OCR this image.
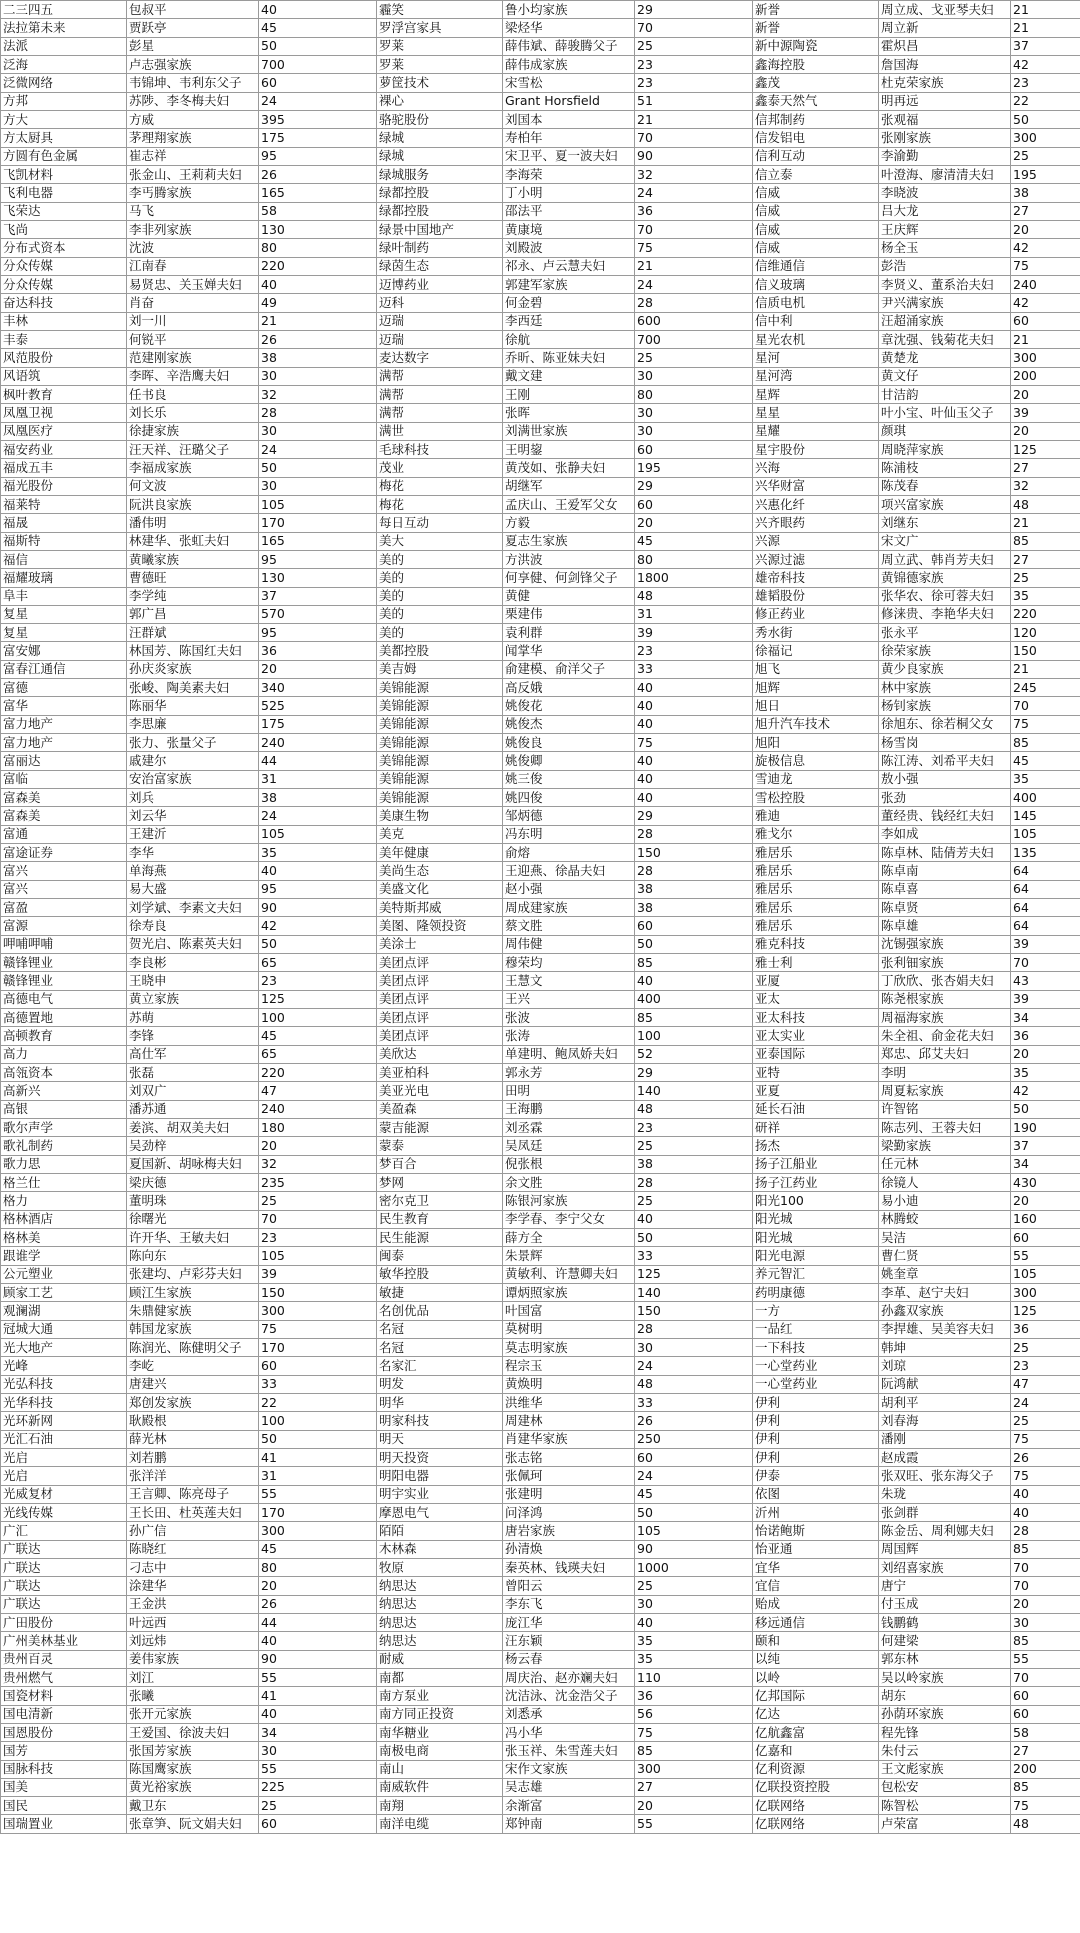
二三四五	包叔平	40	霾笑	鲁小均家族	29	新誉	周立成、戈亚琴夫妇	21
法拉第未来	贾跃亭	45	罗浮宫家具	梁烃华	70	新誉	周立新	21
法派	彭星	50	罗莱	薛伟斌、薛骏腾父子	25	新中源陶瓷	霍炽昌	37
泛海	卢志强家族	700	罗莱	薛伟成家族	23	鑫海控股	詹国海	42
泛微网络	韦锦坤、韦利东父子	60	萝筐技术	宋雪松	23	鑫茂	杜克荣家族	23
方邦	苏陟、李冬梅夫妇	24	裸心	Grant Horsfield	51	鑫泰天然气	明再远	22
方大	方威	395	骆驼股份	刘国本	21	信邦制药	张观福	50
方太厨具	茅理翔家族	175	绿城	寿柏年	70	信发铝电	张刚家族	300
方圆有色金属	崔志祥	95	绿城	宋卫平、夏一波夫妇	90	信利互动	李渝勤	25
飞凯材料	张金山、王莉莉夫妇	26	绿城服务	李海荣	32	信立泰	叶澄海、廖清清夫妇	195
飞利电器	李丐腾家族	165	绿都控股	丁小明	24	信威	李晓波	38
飞荣达	马飞	58	绿都控股	邵法平	36	信威	吕大龙	27
飞尚	李非列家族	130	绿景中国地产	黄康境	70	信威	王庆辉	20
分布式资本	沈波	80	绿叶制药	刘殿波	75	信威	杨全玉	42
分众传媒	江南春	220	绿茵生态	祁永、卢云慧夫妇	21	信维通信	彭浩	75
分众传媒	易贤忠、关玉婵夫妇	40	迈博药业	郭建军家族	24	信义玻璃	李贤义、董系治夫妇	240
奋达科技	肖奋	49	迈科	何金碧	28	信质电机	尹兴满家族	42
丰林	刘一川	21	迈瑞	李西廷	600	信中利	汪超涌家族	60
丰泰	何锐平	26	迈瑞	徐航	700	星光农机	章沈强、钱菊花夫妇	21
风范股份	范建刚家族	38	麦达数字	乔昕、陈亚妹夫妇	25	星河	黄楚龙	300
风语筑	李晖、辛浩鹰夫妇	30	满帮	戴文建	30	星河湾	黄文仔	200
枫叶教育	任书良	32	满帮	王刚	80	星辉	甘洁韵	20
凤凰卫视	刘长乐	28	满帮	张晖	30	星星	叶小宝、叶仙玉父子	39
凤凰医疗	徐捷家族	30	满世	刘满世家族	30	星耀	颜琪	20
福安药业	汪天祥、汪璐父子	24	毛球科技	王明鋆	60	星宇股份	周晓萍家族	125
福成五丰	李福成家族	50	茂业	黄茂如、张静夫妇	195	兴海	陈浦枝	27
福光股份	何文波	30	梅花	胡继军	29	兴华财富	陈茂春	32
福莱特	阮洪良家族	105	梅花	孟庆山、王爱军父女	60	兴惠化纤	项兴富家族	48
福晟	潘伟明	170	每日互动	方毅	20	兴齐眼药	刘继东	21
福斯特	林建华、张虹夫妇	165	美大	夏志生家族	45	兴源	宋文广	85
福信	黄曦家族	95	美的	方洪波	80	兴源过滤	周立武、韩肖芳夫妇	27
福耀玻璃	曹德旺	130	美的	何享健、何剑锋父子	1800	雄帝科技	黄锦德家族	25
阜丰	李学纯	37	美的	黄健	48	雄韬股份	张华农、徐可蓉夫妇	35
复星	郭广昌	570	美的	栗建伟	31	修正药业	修涞贵、李艳华夫妇	220
复星	汪群斌	95	美的	袁利群	39	秀水街	张永平	120
富安娜	林国芳、陈国红夫妇	36	美都控股	闻掌华	23	徐福记	徐荣家族	150
富春江通信	孙庆炎家族	20	美吉姆	俞建模、俞洋父子	33	旭飞	黄少良家族	21
富德	张峻、陶美素夫妇	340	美锦能源	高反娥	40	旭辉	林中家族	245
富华	陈丽华	525	美锦能源	姚俊花	40	旭日	杨钊家族	70
富力地产	李思廉	175	美锦能源	姚俊杰	40	旭升汽车技术	徐旭东、徐若桐父女	75
富力地产	张力、张量父子	240	美锦能源	姚俊良	75	旭阳	杨雪岗	85
富丽达	戚建尔	44	美锦能源	姚俊卿	40	旋极信息	陈江涛、刘希平夫妇	45
富临	安治富家族	31	美锦能源	姚三俊	40	雪迪龙	敖小强	35
富森美	刘兵	38	美锦能源	姚四俊	40	雪松控股	张劲	400
富森美	刘云华	24	美康生物	邹炳德	29	雅迪	董经贵、钱经红夫妇	145
富通	王建沂	105	美克	冯东明	28	雅戈尔	李如成	105
富途证券	李华	35	美年健康	俞熔	150	雅居乐	陈卓林、陆倩芳夫妇	135
富兴	单海燕	40	美尚生态	王迎燕、徐晶夫妇	28	雅居乐	陈卓南	64
富兴	易大盛	95	美盛文化	赵小强	38	雅居乐	陈卓喜	64
富盈	刘学斌、李素文夫妇	90	美特斯邦威	周成建家族	38	雅居乐	陈卓贤	64
富源	徐寿良	42	美图、隆领投资	蔡文胜	60	雅居乐	陈卓雄	64
呷哺呷哺	贺光启、陈素英夫妇	50	美涂士	周伟健	50	雅克科技	沈锡强家族	39
赣锋锂业	李良彬	65	美团点评	穆荣均	85	雅士利	张利钿家族	70
赣锋锂业	王晓申	23	美团点评	王慧文	40	亚厦	丁欣欣、张杏娟夫妇	43
高德电气	黄立家族	125	美团点评	王兴	400	亚太	陈尧根家族	39
高德置地	苏萌	100	美团点评	张波	85	亚太科技	周福海家族	34
高顿教育	李锋	45	美团点评	张涛	100	亚太实业	朱全祖、俞金花夫妇	36
高力	高仕军	65	美欣达	单建明、鲍凤娇夫妇	52	亚泰国际	郑忠、邱艾夫妇	20
高瓴资本	张磊	220	美亚柏科	郭永芳	29	亚特	李明	35
高新兴	刘双广	47	美亚光电	田明	140	亚夏	周夏耘家族	42
高银	潘苏通	240	美盈森	王海鹏	48	延长石油	许智铭	50
歌尔声学	姜滨、胡双美夫妇	180	蒙吉能源	刘丞霖	23	研祥	陈志列、王蓉夫妇	190
歌礼制药	吴劲梓	20	蒙泰	吴凤廷	25	扬杰	梁勤家族	37
歌力思	夏国新、胡咏梅夫妇	32	梦百合	倪张根	38	扬子江船业	任元林	34
格兰仕	梁庆德	235	梦网	余文胜	28	扬子江药业	徐镜人	430
格力	董明珠	25	密尔克卫	陈银河家族	25	阳光100	易小迪	20
格林酒店	徐曙光	70	民生教育	李学春、李宁父女	40	阳光城	林腾蛟	160
格林美	许开华、王敏夫妇	23	民生能源	薛方全	50	阳光城	吴洁	60
跟谁学	陈向东	105	闽泰	朱景辉	33	阳光电源	曹仁贤	55
公元塑业	张建均、卢彩芬夫妇	39	敏华控股	黄敏利、许慧卿夫妇	125	养元智汇	姚奎章	105
顾家工艺	顾江生家族	150	敏捷	谭炳照家族	140	药明康德	李革、赵宁夫妇	300
观澜湖	朱鼎健家族	300	名创优品	叶国富	150	一方	孙鑫双家族	125
冠城大通	韩国龙家族	75	名冠	莫树明	28	一品红	李捍雄、吴美容夫妇	36
光大地产	陈润光、陈健明父子	170	名冠	莫志明家族	30	一下科技	韩坤	25
光峰	李屹	60	名家汇	程宗玉	24	一心堂药业	刘琼	23
光弘科技	唐建兴	33	明发	黄焕明	48	一心堂药业	阮鸿献	47
光华科技	郑创发家族	22	明华	洪维华	33	伊利	胡利平	24
光环新网	耿殿根	100	明家科技	周建林	26	伊利	刘春海	25
光汇石油	薛光林	50	明天	肖建华家族	250	伊利	潘刚	75
光启	刘若鹏	41	明天投资	张志铭	60	伊利	赵成霞	26
光启	张洋洋	31	明阳电器	张佩珂	24	伊泰	张双旺、张东海父子	75
光威复材	王言卿、陈亮母子	55	明宇实业	张建明	45	依图	朱珑	40
光线传媒	王长田、杜英莲夫妇	170	摩恩电气	问泽鸿	50	沂州	张剑群	40
广汇	孙广信	300	陌陌	唐岩家族	105	怡诺鲍斯	陈金岳、周利娜夫妇	28
广联达	陈晓红	45	木林森	孙清焕	90	怡亚通	周国辉	85
广联达	刁志中	80	牧原	秦英林、钱瑛夫妇	1000	宜华	刘绍喜家族	70
广联达	涂建华	20	纳思达	曾阳云	25	宜信	唐宁	70
广联达	王金洪	26	纳思达	李东飞	30	贻成	付玉成	20
广田股份	叶远西	44	纳思达	庞江华	40	移远通信	钱鹏鹤	30
广州美林基业	刘远炜	40	纳思达	汪东颖	35	颐和	何建梁	85
贵州百灵	姜伟家族	90	耐威	杨云春	35	以纯	郭东林	55
贵州燃气	刘江	55	南都	周庆治、赵亦斓夫妇	110	以岭	吴以岭家族	70
国瓷材料	张曦	41	南方泵业	沈洁泳、沈金浩父子	36	亿邦国际	胡东	60
国电清新	张开元家族	40	南方同正投资	刘悉承	56	亿达	孙荫环家族	60
国恩股份	王爱国、徐波夫妇	34	南华糖业	冯小华	75	亿航鑫富	程先锋	58
国芳	张国芳家族	30	南极电商	张玉祥、朱雪莲夫妇	85	亿嘉和	朱付云	27
国脉科技	陈国鹰家族	55	南山	宋作文家族	300	亿利资源	王文彪家族	200
国美	黄光裕家族	225	南威软件	吴志雄	27	亿联投资控股	包松安	85
国民	戴卫东	25	南翔	余渐富	20	亿联网络	陈智松	75
国瑞置业	张章笋、阮文娟夫妇	60	南洋电缆	郑钟南	55	亿联网络	卢荣富	48
